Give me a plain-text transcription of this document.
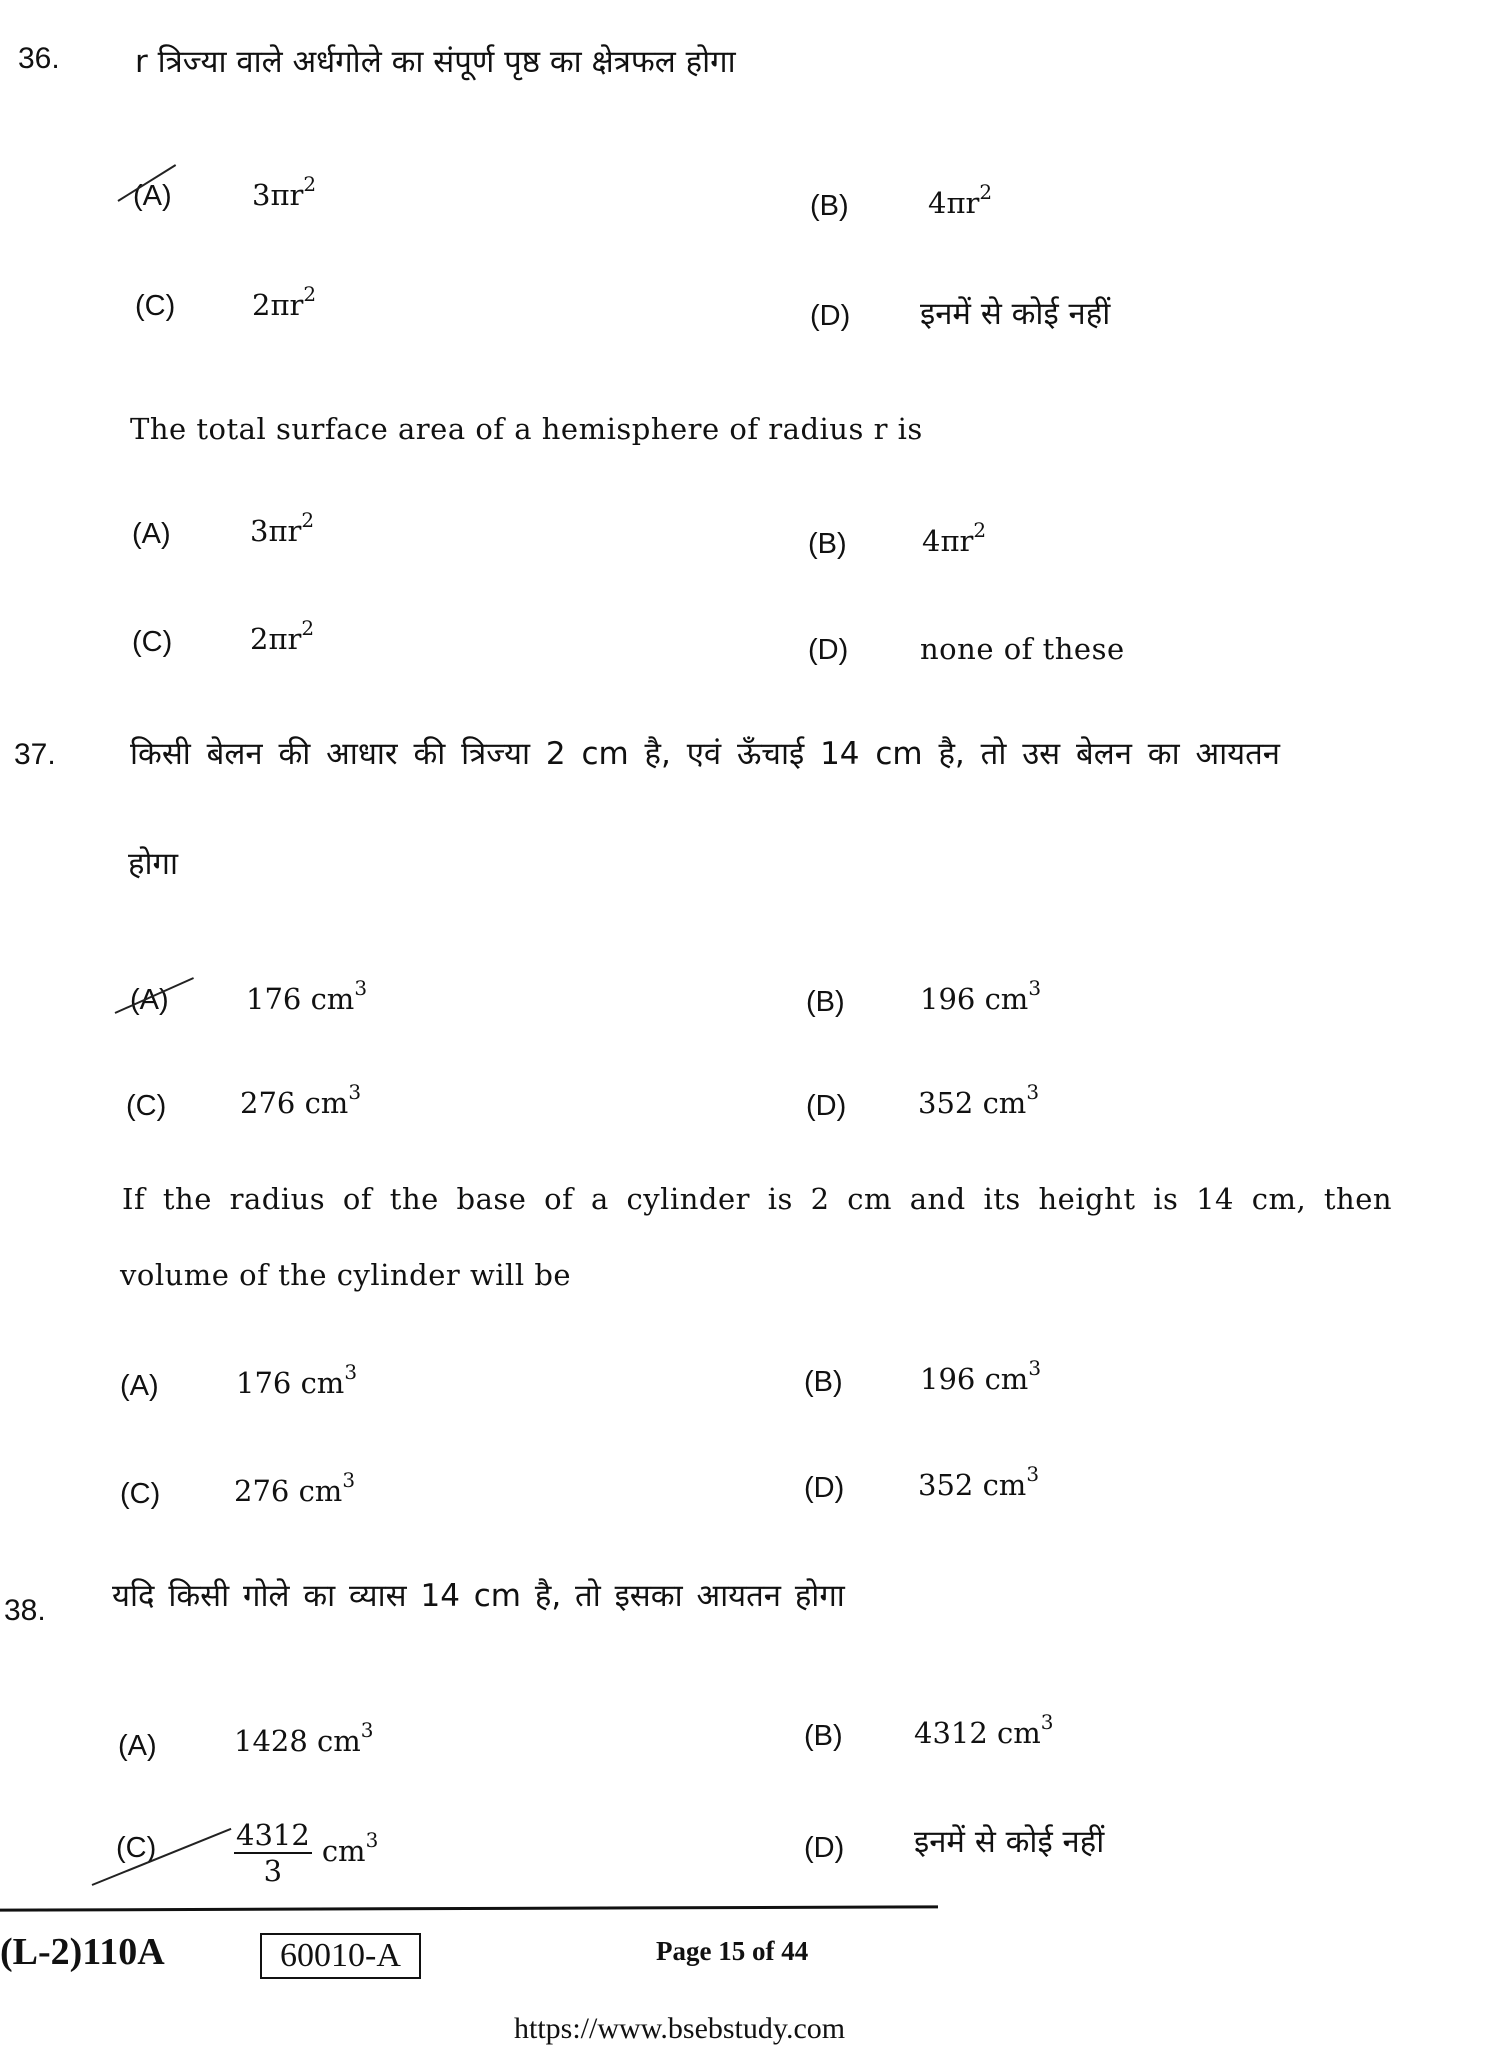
36. r त्रिज्या वाले अर्धगोले का संपूर्ण पृष्ठ का क्षेत्रफल होगा
(A)	$3\pi r^2$
(B)	$4\pi r^2$
(C)	$2\pi r^2$
(D) इनमें से कोई नहीं
The total surface area of a hemisphere of radius r is
(A)	$3\pi r^2$
(B)	$4\pi r^2$
(C)	$2\pi r^2$
(D) none of these
37. किसी बेलन की आधार की त्रिज्या 2 cm है, एवं ऊँचाई 14 cm है, तो उस बेलन का आयतन
होगा
(A)	176 $cm^3$	(B)	196 $cm^3$
(C)	276 $cm^3$	(D) 352 $cm^3$
If the radius of the base of a cylinder is 2 cm and its height is 14 cm, then
volume of the cylinder will be
(A)	176 $cm^3$	(B)	196 $cm^3$
(C)	276 $cm^3$	(D)	352 $cm^3$
38. यदि किसी गोले का व्यास 14 cm है, तो इसका आयतन होगा
(A)	1428 $cm^3$	(B) 4312 $cm^3$
(C)	$\frac{4312}{3} cm^3$	(D) इनमें से कोई नहीं
(L-2)110A	60010-A	Page 15 of 44
https://www.bsebstudy.com
